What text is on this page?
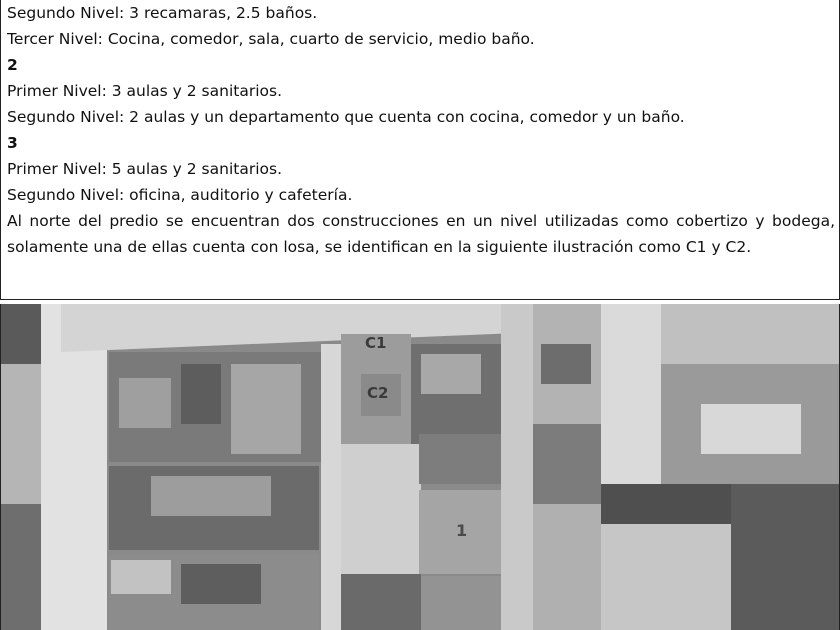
Segundo Nivel: 3 recamaras, 2.5 baños.
Tercer Nivel: Cocina, comedor, sala, cuarto de servicio, medio baño.
2
Primer Nivel: 3 aulas y 2 sanitarios.
Segundo Nivel: 2 aulas y un departamento que cuenta con cocina, comedor y un baño.
3
Primer Nivel: 5 aulas y 2 sanitarios.
Segundo Nivel: oficina, auditorio y cafetería.

Al norte del predio se encuentran dos construcciones en un nivel utilizadas como cobertizo y bodega, solamente una de ellas cuenta con losa, se identifican en la siguiente ilustración como C1 y C2.

C1
C2
1
